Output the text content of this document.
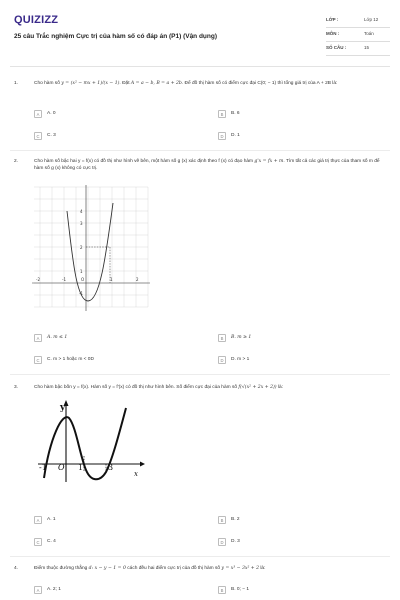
QUIZIZZ
25 câu Trắc nghiệm Cực trị của hàm số có đáp án (P1) (Vận dụng)
LỚP :	Lớp 12
MÔN :	Toán
SỐ CÂU :	15
1.	Cho hàm số y = (x² − mx + 1)/(x − 1). Đặt A = a − b, B = a + 2b. Để đồ thị hàm số có điểm cực đại C(0; − 1) thì tổng giá trị của A + 2B là:
A	A. 0	B	B. 6
C	C. 3	D	D. 1
2.	Cho hàm số bậc hai y = f(x) có đồ thị như hình vẽ bên, một hàm số g (x) xác định theo f (x) có đạo hàm g'x = fx + m. Tìm tất cả các giá trị thực của tham số m để hàm số g (x) không có cực trị.
4
3
2
1
-1
-2	-1	O	1	2
A	A. m ≤ 1	B	B. m ≥ 1
C	C. m > 1 hoặc m < 0D	D	D. m > 1
3.	Cho hàm bậc bốn y = f(x). Hàm số y = f'(x) có đồ thị như hình bên. Số điểm cực đại của hàm số f(√(x² + 2x + 2)) là:
y
x
-1 O 1	3
A	A. 1	B	B. 2
C	C. 4	D	D. 3
4.	Điểm thuộc đường thẳng d: x − y − 1 = 0 cách đều hai điểm cực trị của đồ thị hàm số y = x³ − 3x² + 2 là:
A	A. 2; 1	B	B. 0; − 1
